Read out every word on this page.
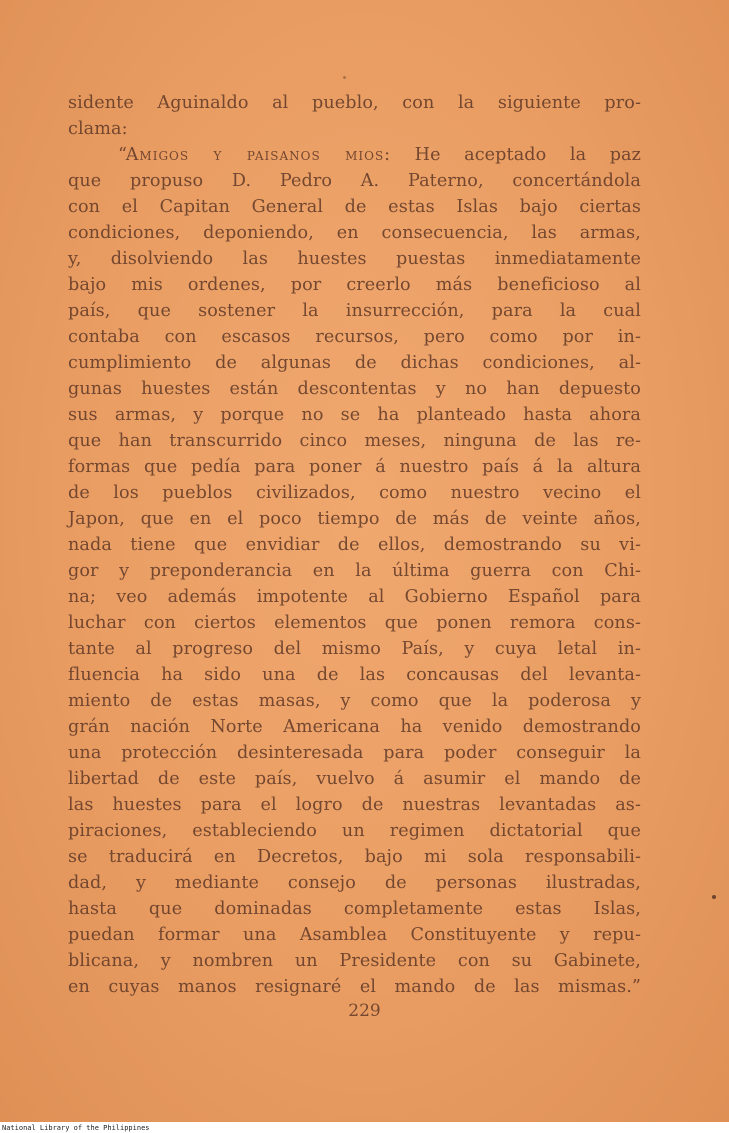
sidente Aguinaldo al pueblo, con la siguiente pro-
clama:
“Amigos y paisanos mios: He aceptado la paz
que propuso D. Pedro A. Paterno, concertándola
con el Capitan General de estas Islas bajo ciertas
condiciones, deponiendo, en consecuencia, las armas,
y, disolviendo las huestes puestas inmediatamente
bajo mis ordenes, por creerlo más beneficioso al
país, que sostener la insurrección, para la cual
contaba con escasos recursos, pero como por in-
cumplimiento de algunas de dichas condiciones, al-
gunas huestes están descontentas y no han depuesto
sus armas, y porque no se ha planteado hasta ahora
que han transcurrido cinco meses, ninguna de las re-
formas que pedía para poner á nuestro país á la altura
de los pueblos civilizados, como nuestro vecino el
Japon, que en el poco tiempo de más de veinte años,
nada tiene que envidiar de ellos, demostrando su vi-
gor y preponderancia en la última guerra con Chi-
na; veo además impotente al Gobierno Español para
luchar con ciertos elementos que ponen remora cons-
tante al progreso del mismo País, y cuya letal in-
fluencia ha sido una de las concausas del levanta-
miento de estas masas, y como que la poderosa y
grán nación Norte Americana ha venido demostrando
una protección desinteresada para poder conseguir la
libertad de este país, vuelvo á asumir el mando de
las huestes para el logro de nuestras levantadas as-
piraciones, estableciendo un regimen dictatorial que
se traducirá en Decretos, bajo mi sola responsabili-
dad, y mediante consejo de personas ilustradas,
hasta que dominadas completamente estas Islas,
puedan formar una Asamblea Constituyente y repu-
blicana, y nombren un Presidente con su Gabinete,
en cuyas manos resignaré el mando de las mismas.”
229
National Library of the Philippines
